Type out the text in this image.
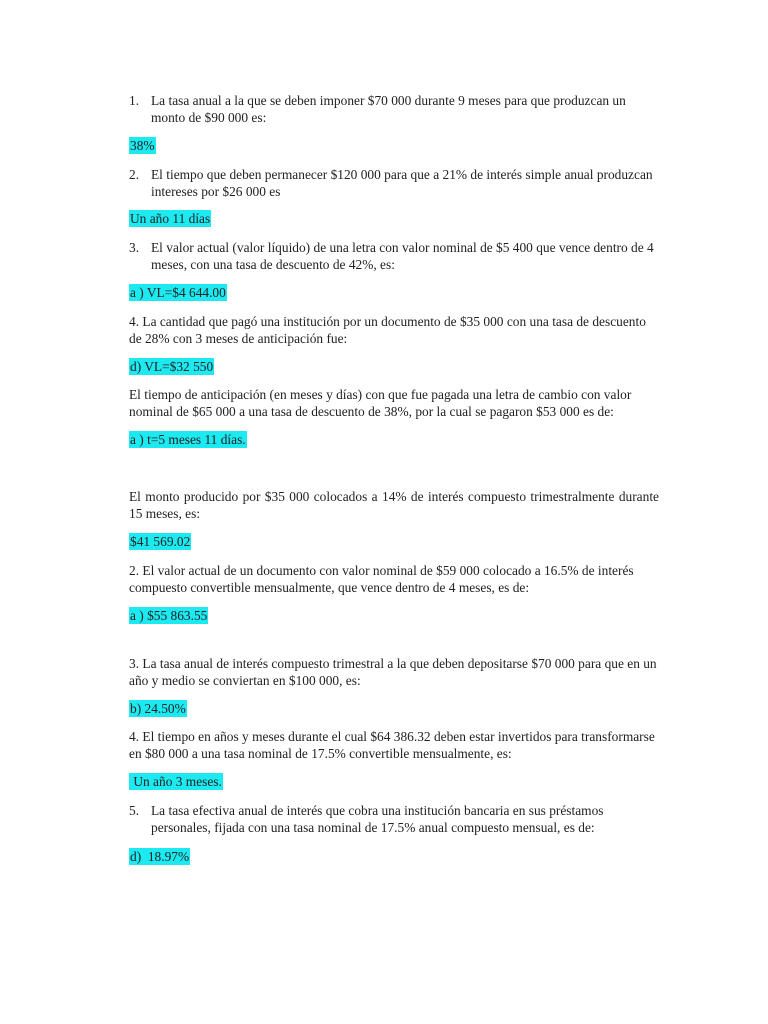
1. La tasa anual a la que se deben imponer $70 000 durante 9 meses para que produzcan un monto de $90 000 es:
38%
2. El tiempo que deben permanecer $120 000 para que a 21% de interés simple anual produzcan intereses por $26 000 es
Un año 11 días
3. El valor actual (valor líquido) de una letra con valor nominal de $5 400 que vence dentro de 4 meses, con una tasa de descuento de 42%, es:
a ) VL=$4 644.00
4. La cantidad que pagó una institución por un documento de $35 000 con una tasa de descuento de 28% con 3 meses de anticipación fue:
d) VL=$32 550
El tiempo de anticipación (en meses y días) con que fue pagada una letra de cambio con valor nominal de $65 000 a una tasa de descuento de 38%, por la cual se pagaron $53 000 es de:
a ) t=5 meses 11 días.
El monto producido por $35 000 colocados a 14% de interés compuesto trimestralmente durante 15 meses, es:
$41 569.02
2. El valor actual de un documento con valor nominal de $59 000 colocado a 16.5% de interés compuesto convertible mensualmente, que vence dentro de 4 meses, es de:
a ) $55 863.55
3. La tasa anual de interés compuesto trimestral a la que deben depositarse $70 000 para que en un año y medio se conviertan en $100 000, es:
b) 24.50%
4. El tiempo en años y meses durante el cual $64 386.32 deben estar invertidos para transformarse en $80 000 a una tasa nominal de 17.5% convertible mensualmente, es:
Un año 3 meses.
5. La tasa efectiva anual de interés que cobra una institución bancaria en sus préstamos personales, fijada con una tasa nominal de 17.5% anual compuesto mensual, es de:
d)  18.97%
